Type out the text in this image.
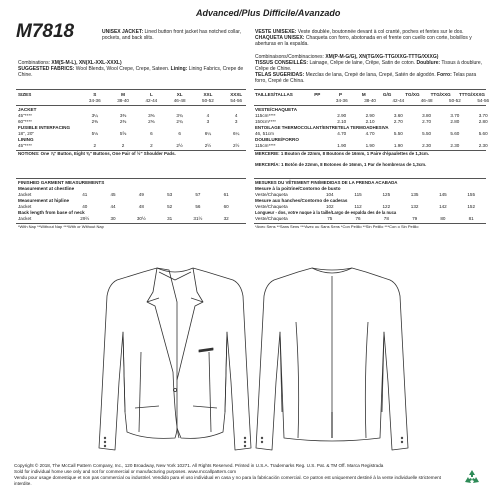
Advanced/Plus Difficile/Avanzado
M7818	UNISEX JACKET: Lined button front jacket has notched collar, pockets, and back slits.
VESTE UNISEXE: Veste doublée, boutonnée devant à col cranté, poches et fentes sur le dos.
CHAQUETA UNISEX: Chaqueta con forro, abotonada en el frente con cuello con corte, bolsillos y aberturas en la espalda.
Combinations: XM(S-M-L), XN(XL-XXL-XXXL)
SUGGESTED FABRICS: Wool Blends, Wool Crepe, Crepe, Sateen. Lining: Lining Fabrics, Crepe de Chine.
Combinaisons/Combinaciones: XM(P-M-G/G), XN(TG/XG-TTG/XXG-TTTG/XXXG)
TISSUS CONSEILLÉS: Lainage, Crêpe de laine, Crêpe, Satin de coton. Doublure: Tissus à doublure, Crêpe de Chine.
TELAS SUGERIDAS: Mezclas de lana, Crepé de lana, Crepé, Satén de algodón. Forro: Telas para forro, Crepé de China.
SIZES	S	M	L	XL	XXL	XXXL
34-36	38-40	42-44	46-48	50-52	54-56
JACKET
45"****	3¼	3⅜	3⅜	3¾	4	4
60"****	2⅜	2⅜	2⅜	2¾	3	3
FUSIBLE INTERFACING
18", 20"	5⅛	5⅝	6	6	6¼	6¼
LINING
45"****	2	2	2	2½	2½	2½
NOTIONS: One ⅞" Button, Eight ⅝" Buttons, One Pair of ½" Shoulder Pads.
TAILLES/TALLAS	PP	P	M	G/G	TG/XG TTG/XXG TTTG/XXXG
34-36	38-40	42-44	46-48	50-52	54-56
VESTE/CHAQUETA
115cm****	2.90	2.90	3.60	3.80	3.70	3.70
150cm****	2.10	2.10	2.70	2.70	2.80	2.80
ENTOILAGE THERMOCOLLANT/ENTRETELA TERMOADHESIVA
46, 51cm	4.70	4.70	5.50	5.50	5.60	5.60
DOUBLURE/FORRO
115cm****	1.90	1.90	1.90	2.30	2.30	2.30
MERCERIE: 1 Bouton de 22mm, 8 Boutons de 16mm, 1 Paire d'épaulettes de 1,3cm.
MERCERÍA: 1 Botón de 22mm, 8 Botones de 16mm, 1 Par de hombreras de 1,3cm.
FINISHED GARMENT MEASUREMENTS
Measurement at chestline
Jacket	41	45	49	53	57	61
Measurement at hipline
Jacket	40	44	48	52	56	60
Back length from base of neck
Jacket	29½	30	30½	31	31½	32
*With Nap **Without Nap ***With or Without Nap
MESURES DU VÊTEMENT FINI/MEDIDAS DE LA PRENDA ACABADA
Mesure à la poitrine/Contorno de busto
Veste/Chaqueta	104	115	125	135	145	155
Mesure aux hanches/Contorno de caderas
Veste/Chaqueta	102	112	122	132	142	152
Longueur - dos, votre nuque à la taille/Largo de espalda des de la nuca
Veste/Chaqueta	75	76	78	79	80	81
*Avec Sens **Sans Sens ***Avec ou Sans Sens *Con Pelillo **Sin Pelillo ***Con o Sin Pelillo
Copyright © 2018, The McCall Pattern Company, Inc., 120 Broadway, New York 10271. All Rights Reserved. Printed in U.S.A. Trademarks Reg. U.S. Pat. & TM Off. Marca Registrada
Sold for individual home use only and not for commercial or manufacturing purposes. www.mccallpattern.com
Vendu pour usage domestique et non pas commercial ou industriel. Vendido para el uso individual en casa y no para la fabricación comercial. Ce patron est uniquement destiné à la vente individuelle strictement interdite.
